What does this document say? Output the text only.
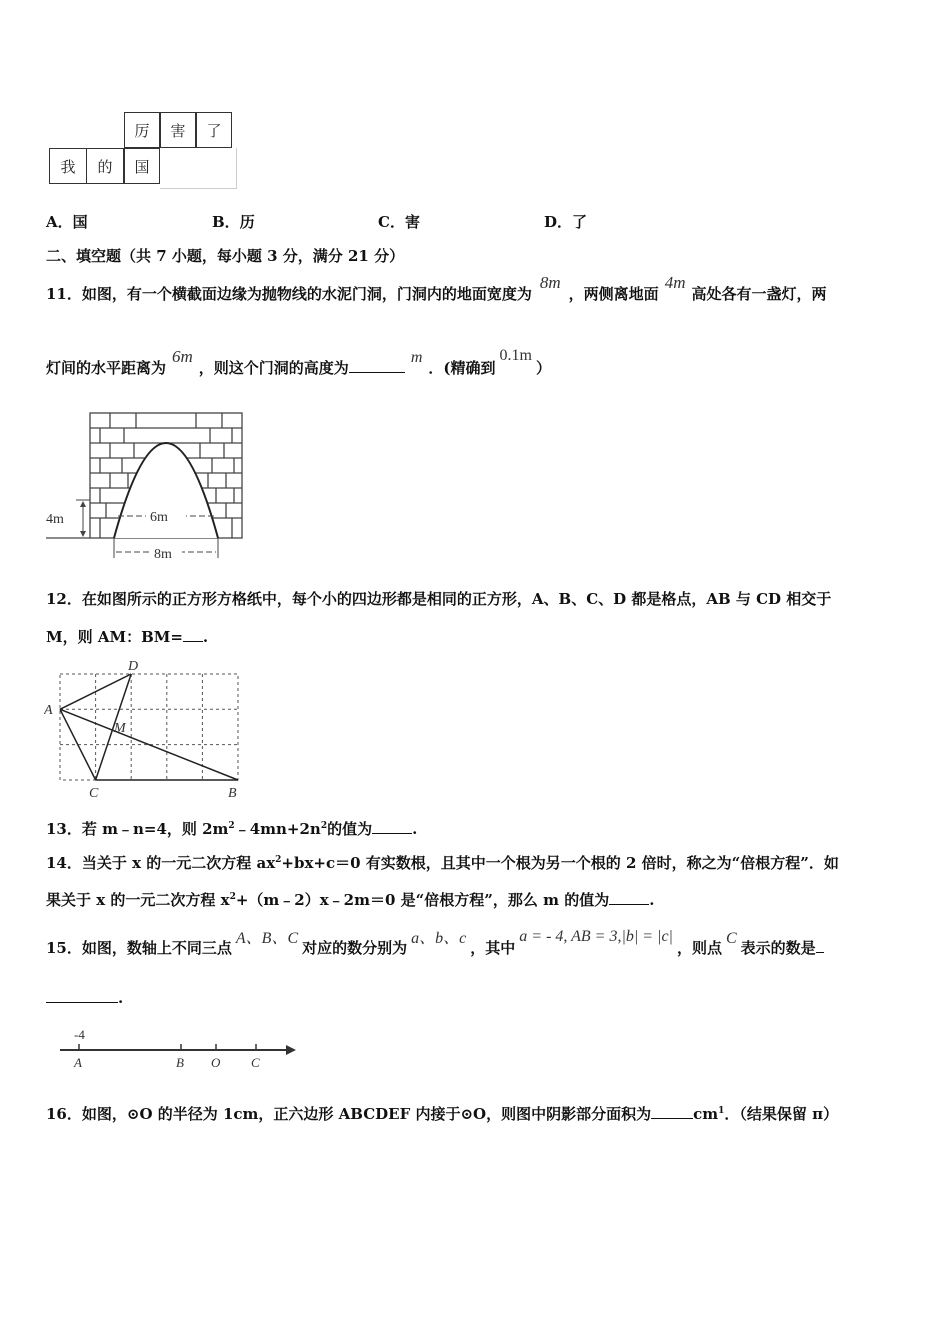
厉	害	了
我	的	国
A．国	B．历	C．害	D．了
二、填空题（共 7 小题，每小题 3 分，满分 21 分）
11．如图，有一个横截面边缘为抛物线的水泥门洞，门洞内的地面宽度为8m，两侧离地面4m高处各有一盏灯，两
灯间的水平距离为6m，则这个门洞的高度为m．(精确到0.1m）
4m	6m
8m
12．在如图所示的正方形方格纸中，每个小的四边形都是相同的正方形，A、B、C、D 都是格点，AB 与 CD 相交于
M，则 AM：BM= .
A
D
M
C	B
13．若 m﹣n=4，则 $2m^2﹣4mn+2n^2$的值为	.
14．当关于 x 的一元二次方程 $ax^2+bx+c=0$ 有实数根，且其中一个根为另一个根的 2 倍时，称之为“倍根方程”．如
果关于 x 的一元二次方程 $x^2+(m﹣2)x﹣2m=0$ 是“倍根方程”，那么 m 的值为	.
15．如图，数轴上不同三点A、B、C对应的数分别为a、b、c，其中a = - 4, AB = 3,|b| = |c|，则点C表示的数是
.
-4
A	B O C
16．如图，⊙O 的半径为 1cm，正六边形 ABCDEF 内接于⊙O，则图中阴影部分面积为	$cm^1$．（结果保留 π）
